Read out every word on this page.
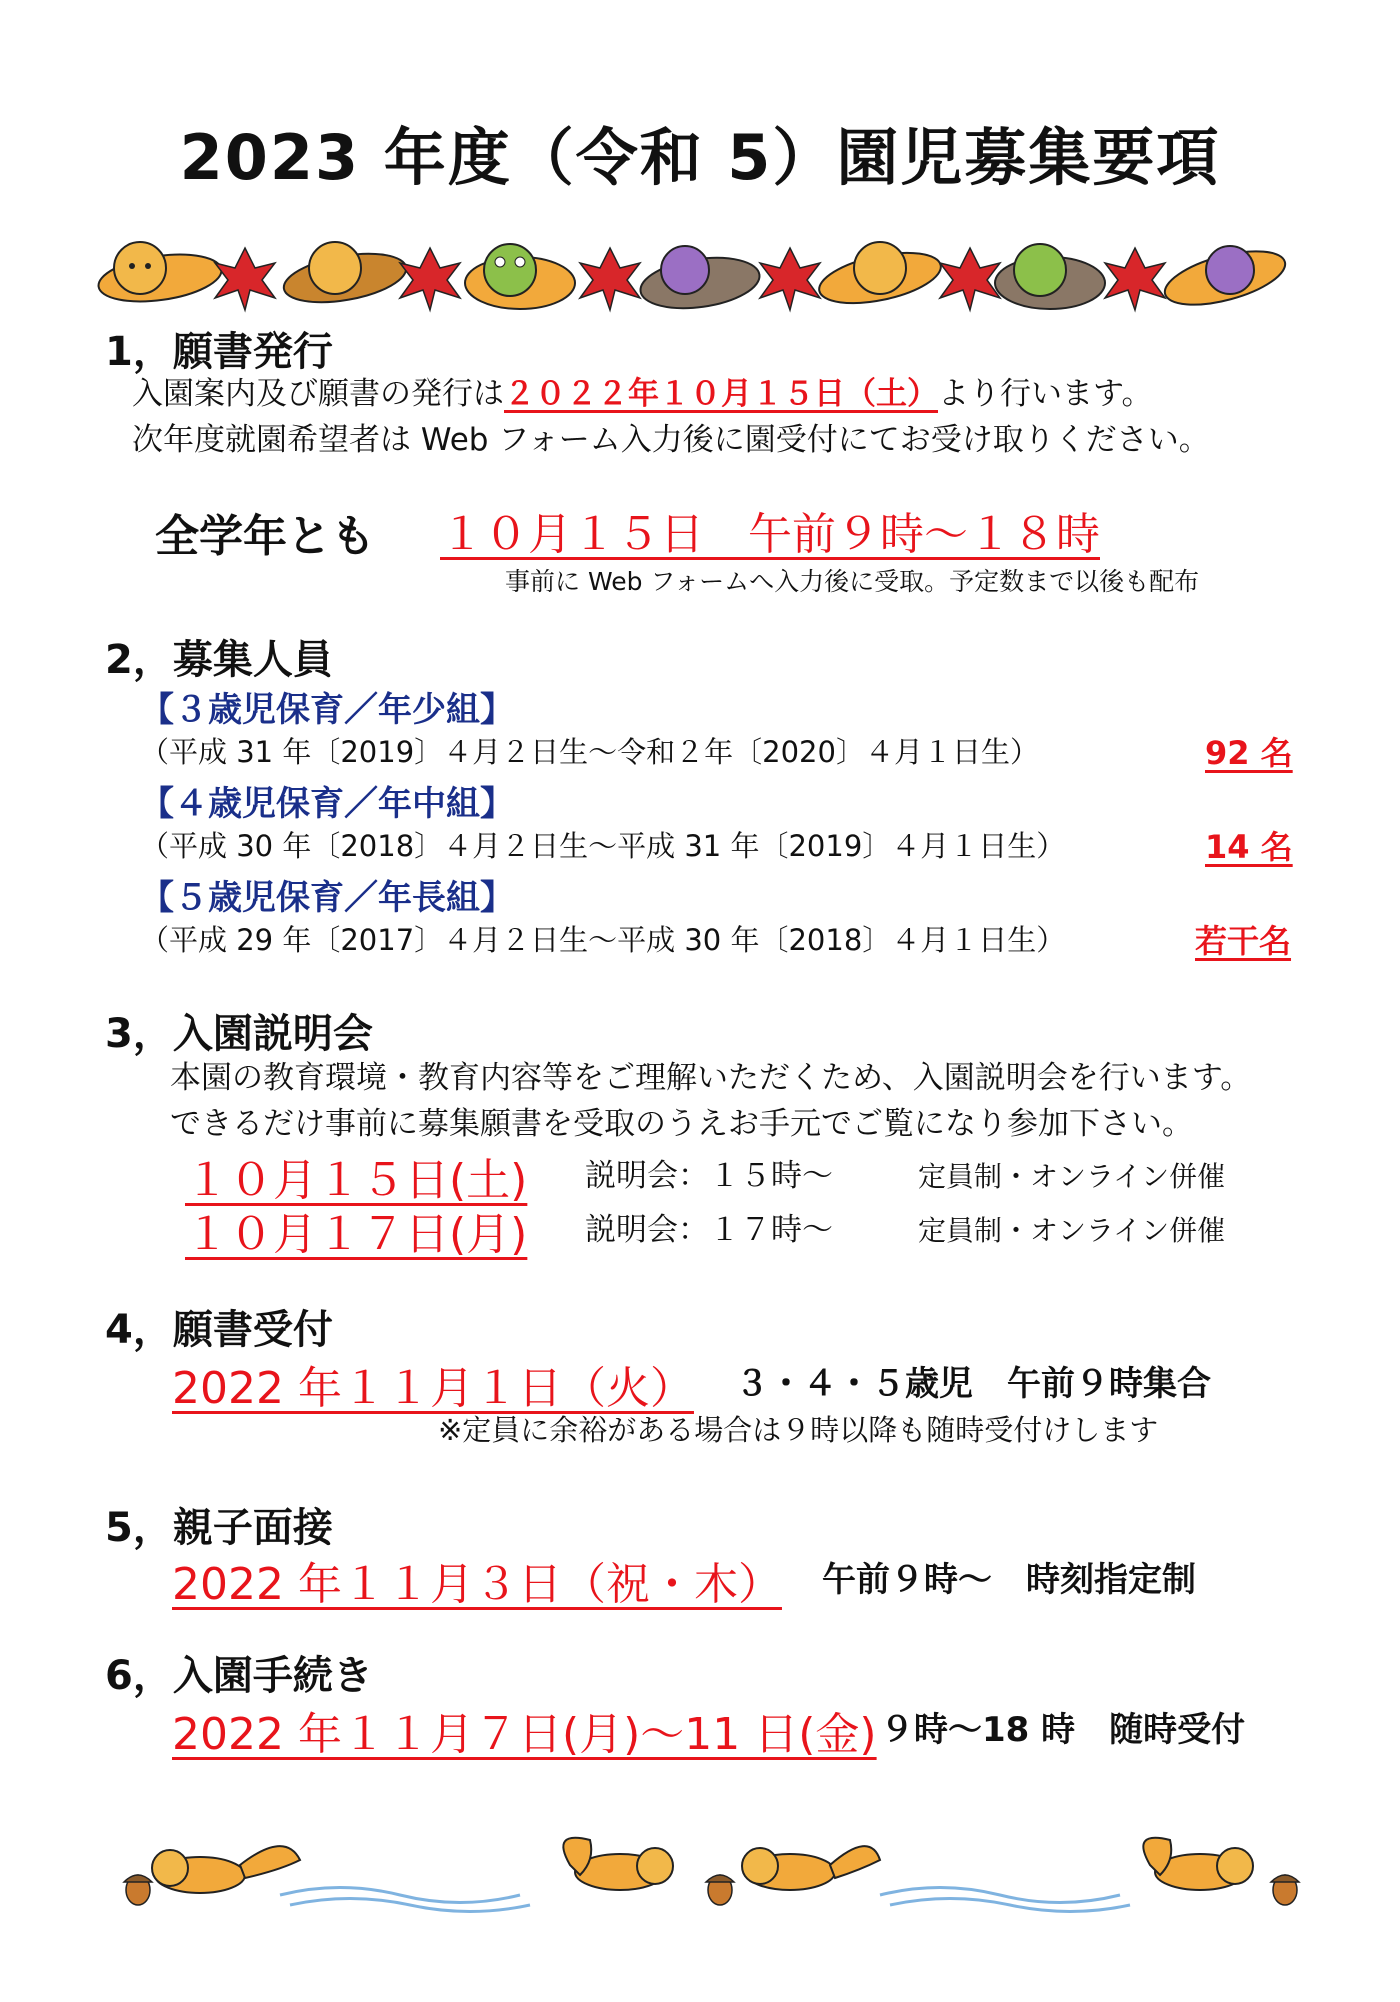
2023 年度（令和 5）園児募集要項
1，願書発行
入園案内及び願書の発行は２０２２年１０月１５日（土）より行います。
次年度就園希望者は Web フォーム入力後に園受付にてお受け取りください。
全学年とも １０月１５日　午前９時～１８時
事前に Web フォームへ入力後に受取。予定数まで以後も配布
2，募集人員
【３歳児保育／年少組】
（平成 31 年〔2019〕４月２日生～令和２年〔2020〕４月１日生）	92 名
【４歳児保育／年中組】
（平成 30 年〔2018〕４月２日生～平成 31 年〔2019〕４月１日生）	14 名
【５歳児保育／年長組】
（平成 29 年〔2017〕４月２日生～平成 30 年〔2018〕４月１日生）	若干名
3，入園説明会
本園の教育環境・教育内容等をご理解いただくため、入園説明会を行います。
できるだけ事前に募集願書を受取のうえお手元でご覧になり参加下さい。
１０月１５日(土) 説明会：１５時～	定員制・オンライン併催
１０月１７日(月) 説明会：１７時～	定員制・オンライン併催
4，願書受付
2022 年１１月１日（火） ３・４・５歳児　午前９時集合
※定員に余裕がある場合は９時以降も随時受付けします
5，親子面接
2022 年１１月３日（祝・木） 午前９時～　時刻指定制
6，入園手続き
2022 年１１月７日(月)～11 日(金) ９時～18 時　随時受付
